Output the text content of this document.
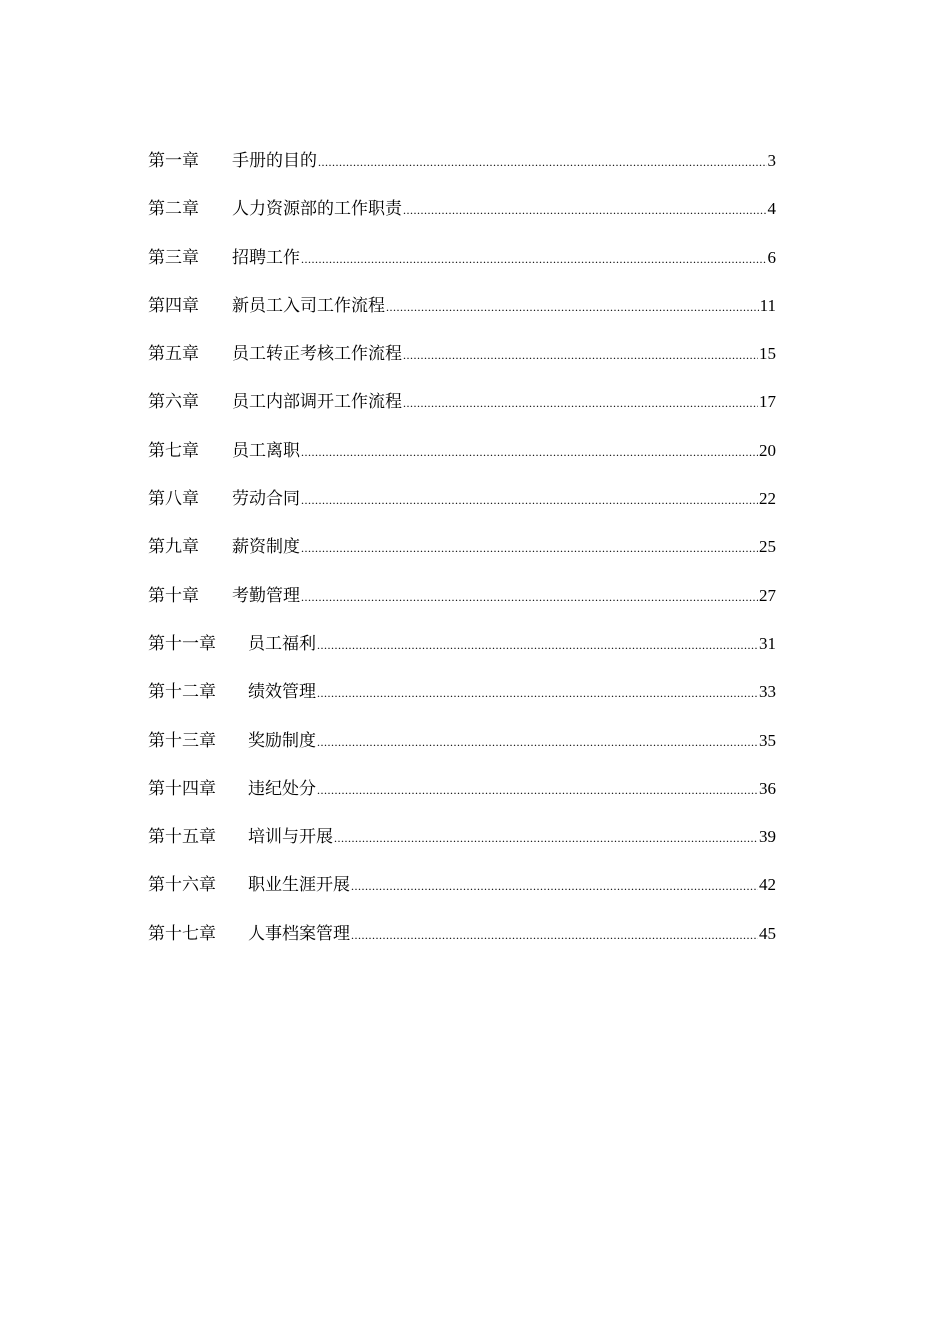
第一章	手册的目的 .....	3
第二章	人力资源部的工作职责 .....	4
第三章	招聘工作 .....	6
第四章	新员工入司工作流程 .....	11
第五章	员工转正考核工作流程 .....	15
第六章	员工内部调开工作流程 .....	17
第七章	员工离职 .....	20
第八章	劳动合同 .....	22
第九章	薪资制度 .....	25
第十章	考勤管理 .....	27
第十一章	员工福利 .....	31
第十二章	绩效管理 .....	33
第十三章	奖励制度 .....	35
第十四章	违纪处分 .....	36
第十五章	培训与开展 .....	39
第十六章	职业生涯开展 .....	42
第十七章	人事档案管理 .....	45
